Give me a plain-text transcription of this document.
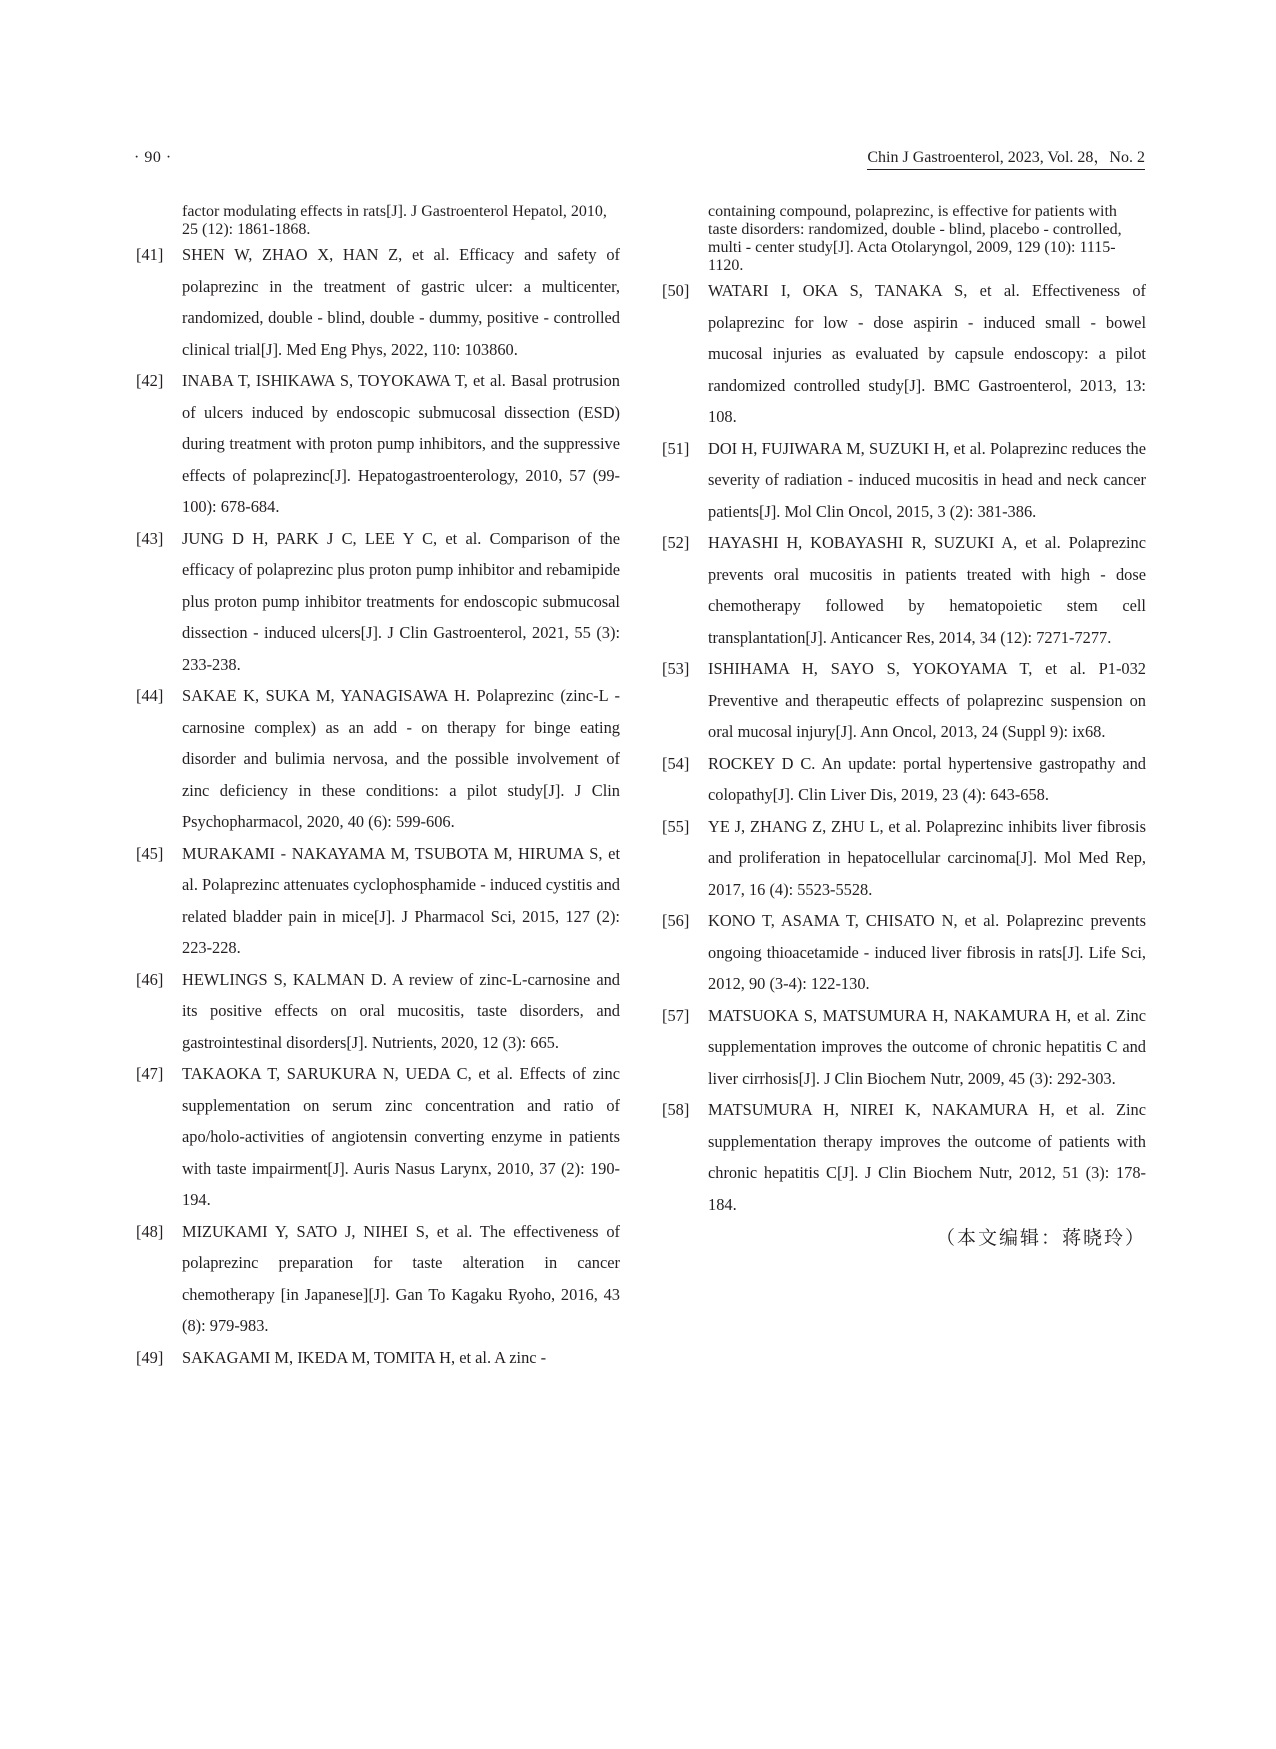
· 90 ·	Chin J Gastroenterol, 2023, Vol. 28，No. 2
factor modulating effects in rats[J]. J Gastroenterol Hepatol, 2010, 25 (12): 1861-1868.
[41] SHEN W, ZHAO X, HAN Z, et al. Efficacy and safety of polaprezinc in the treatment of gastric ulcer: a multicenter, randomized, double - blind, double - dummy, positive - controlled clinical trial[J]. Med Eng Phys, 2022, 110: 103860.
[42] INABA T, ISHIKAWA S, TOYOKAWA T, et al. Basal protrusion of ulcers induced by endoscopic submucosal dissection (ESD) during treatment with proton pump inhibitors, and the suppressive effects of polaprezinc[J]. Hepatogastroenterology, 2010, 57 (99-100): 678-684.
[43] JUNG D H, PARK J C, LEE Y C, et al. Comparison of the efficacy of polaprezinc plus proton pump inhibitor and rebamipide plus proton pump inhibitor treatments for endoscopic submucosal dissection - induced ulcers[J]. J Clin Gastroenterol, 2021, 55 (3): 233-238.
[44] SAKAE K, SUKA M, YANAGISAWA H. Polaprezinc (zinc-L - carnosine complex) as an add - on therapy for binge eating disorder and bulimia nervosa, and the possible involvement of zinc deficiency in these conditions: a pilot study[J]. J Clin Psychopharmacol, 2020, 40 (6): 599-606.
[45] MURAKAMI - NAKAYAMA M, TSUBOTA M, HIRUMA S, et al. Polaprezinc attenuates cyclophosphamide - induced cystitis and related bladder pain in mice[J]. J Pharmacol Sci, 2015, 127 (2): 223-228.
[46] HEWLINGS S, KALMAN D. A review of zinc-L-carnosine and its positive effects on oral mucositis, taste disorders, and gastrointestinal disorders[J]. Nutrients, 2020, 12 (3): 665.
[47] TAKAOKA T, SARUKURA N, UEDA C, et al. Effects of zinc supplementation on serum zinc concentration and ratio of apo/holo-activities of angiotensin converting enzyme in patients with taste impairment[J]. Auris Nasus Larynx, 2010, 37 (2): 190-194.
[48] MIZUKAMI Y, SATO J, NIHEI S, et al. The effectiveness of polaprezinc preparation for taste alteration in cancer chemotherapy [in Japanese][J]. Gan To Kagaku Ryoho, 2016, 43 (8): 979-983.
[49] SAKAGAMI M, IKEDA M, TOMITA H, et al. A zinc -
containing compound, polaprezinc, is effective for patients with taste disorders: randomized, double - blind, placebo - controlled, multi - center study[J]. Acta Otolaryngol, 2009, 129 (10): 1115-1120.
[50] WATARI I, OKA S, TANAKA S, et al. Effectiveness of polaprezinc for low - dose aspirin - induced small - bowel mucosal injuries as evaluated by capsule endoscopy: a pilot randomized controlled study[J]. BMC Gastroenterol, 2013, 13: 108.
[51] DOI H, FUJIWARA M, SUZUKI H, et al. Polaprezinc reduces the severity of radiation - induced mucositis in head and neck cancer patients[J]. Mol Clin Oncol, 2015, 3 (2): 381-386.
[52] HAYASHI H, KOBAYASHI R, SUZUKI A, et al. Polaprezinc prevents oral mucositis in patients treated with high - dose chemotherapy followed by hematopoietic stem cell transplantation[J]. Anticancer Res, 2014, 34 (12): 7271-7277.
[53] ISHIHAMA H, SAYO S, YOKOYAMA T, et al. P1-032 Preventive and therapeutic effects of polaprezinc suspension on oral mucosal injury[J]. Ann Oncol, 2013, 24 (Suppl 9): ix68.
[54] ROCKEY D C. An update: portal hypertensive gastropathy and colopathy[J]. Clin Liver Dis, 2019, 23 (4): 643-658.
[55] YE J, ZHANG Z, ZHU L, et al. Polaprezinc inhibits liver fibrosis and proliferation in hepatocellular carcinoma[J]. Mol Med Rep, 2017, 16 (4): 5523-5528.
[56] KONO T, ASAMA T, CHISATO N, et al. Polaprezinc prevents ongoing thioacetamide - induced liver fibrosis in rats[J]. Life Sci, 2012, 90 (3-4): 122-130.
[57] MATSUOKA S, MATSUMURA H, NAKAMURA H, et al. Zinc supplementation improves the outcome of chronic hepatitis C and liver cirrhosis[J]. J Clin Biochem Nutr, 2009, 45 (3): 292-303.
[58] MATSUMURA H, NIREI K, NAKAMURA H, et al. Zinc supplementation therapy improves the outcome of patients with chronic hepatitis C[J]. J Clin Biochem Nutr, 2012, 51 (3): 178-184.
（本文编辑：蒋晓玲）
